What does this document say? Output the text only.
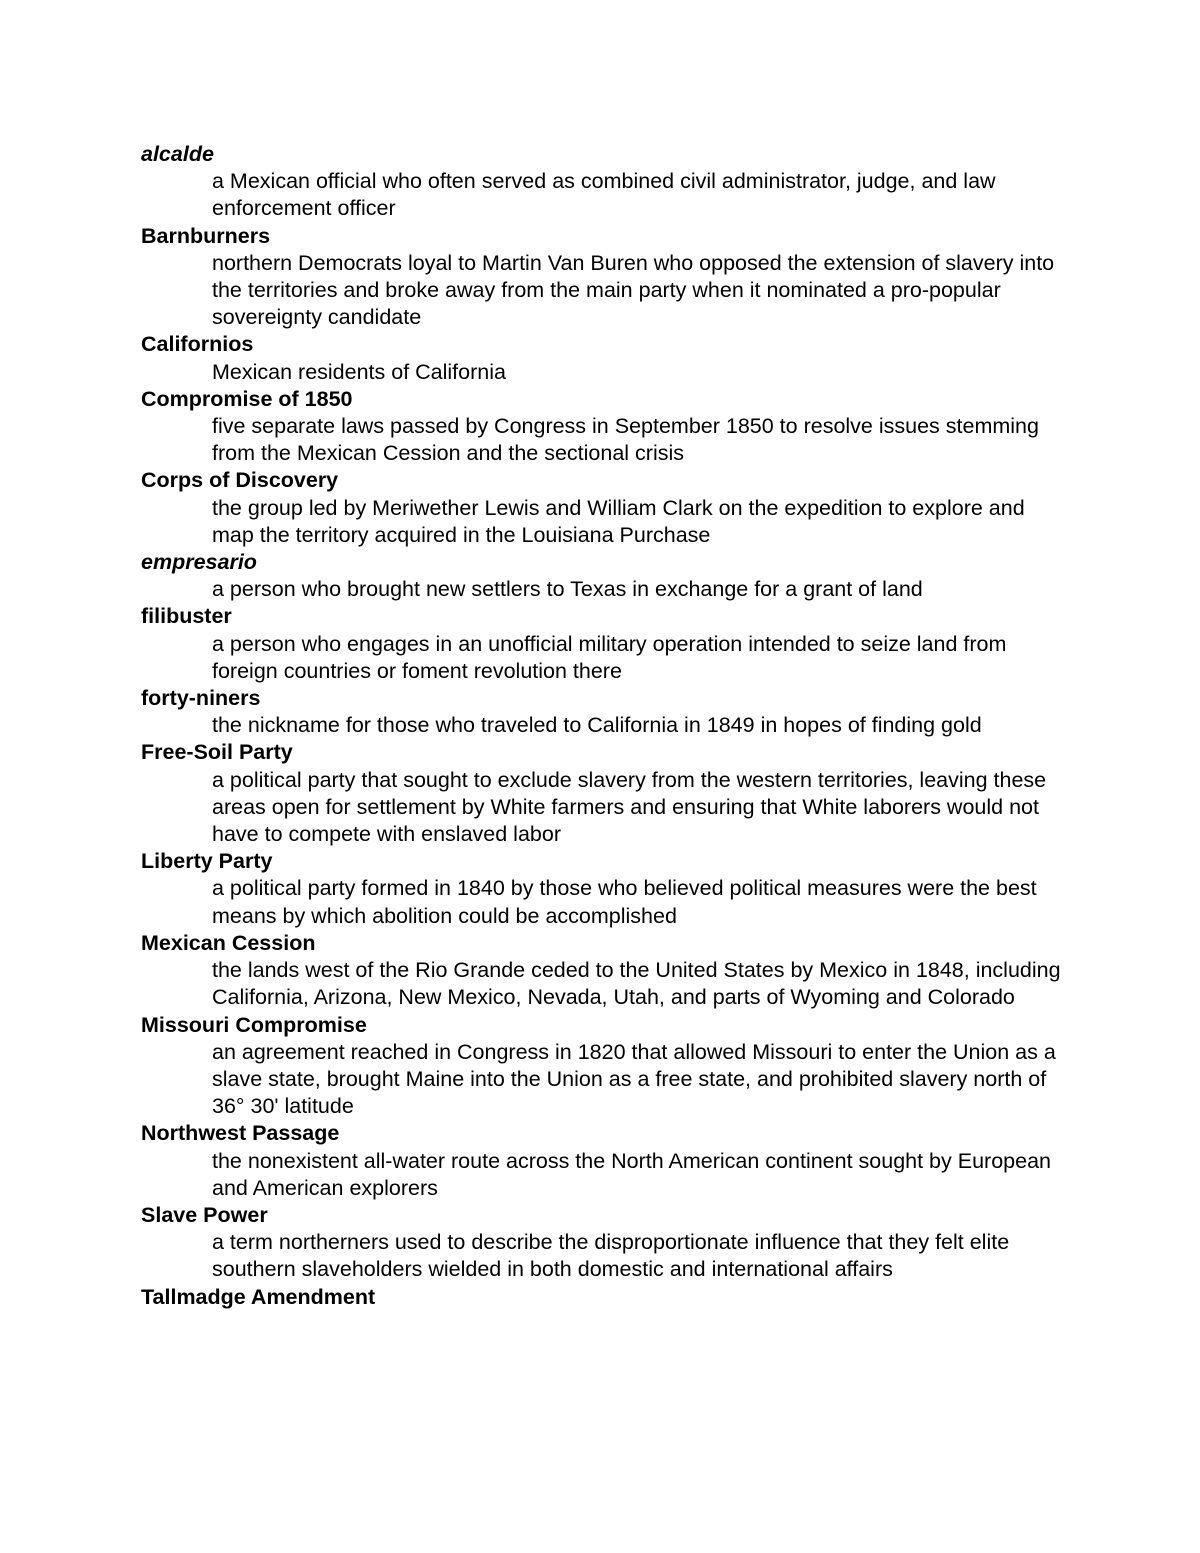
alcalde
a Mexican official who often served as combined civil administrator, judge, and law enforcement officer
Barnburners
northern Democrats loyal to Martin Van Buren who opposed the extension of slavery into the territories and broke away from the main party when it nominated a pro-popular sovereignty candidate
Californios
Mexican residents of California
Compromise of 1850
five separate laws passed by Congress in September 1850 to resolve issues stemming from the Mexican Cession and the sectional crisis
Corps of Discovery
the group led by Meriwether Lewis and William Clark on the expedition to explore and map the territory acquired in the Louisiana Purchase
empresario
a person who brought new settlers to Texas in exchange for a grant of land
filibuster
a person who engages in an unofficial military operation intended to seize land from foreign countries or foment revolution there
forty-niners
the nickname for those who traveled to California in 1849 in hopes of finding gold
Free-Soil Party
a political party that sought to exclude slavery from the western territories, leaving these areas open for settlement by White farmers and ensuring that White laborers would not have to compete with enslaved labor
Liberty Party
a political party formed in 1840 by those who believed political measures were the best means by which abolition could be accomplished
Mexican Cession
the lands west of the Rio Grande ceded to the United States by Mexico in 1848, including California, Arizona, New Mexico, Nevada, Utah, and parts of Wyoming and Colorado
Missouri Compromise
an agreement reached in Congress in 1820 that allowed Missouri to enter the Union as a slave state, brought Maine into the Union as a free state, and prohibited slavery north of 36° 30' latitude
Northwest Passage
the nonexistent all-water route across the North American continent sought by European and American explorers
Slave Power
a term northerners used to describe the disproportionate influence that they felt elite southern slaveholders wielded in both domestic and international affairs
Tallmadge Amendment
